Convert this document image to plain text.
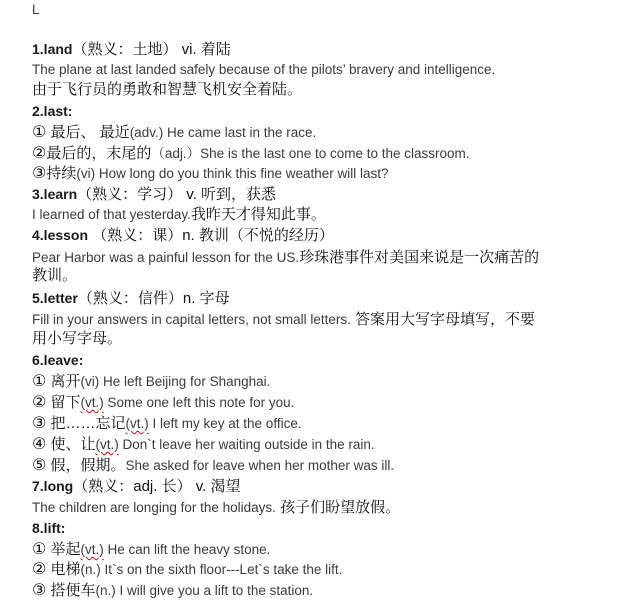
L
1.land（熟义：土地） vi. 着陆
The plane at last landed safely because of the pilots’ bravery and intelligence.
由于飞行员的勇敢和智慧飞机安全着陆。
2.last:
① 最后、 最近(adv.) He came last in the race.
②最后的，末尾的（adj.）She is the last one to come to the classroom.
③持续(vi) How long do you think this fine weather will last?
3.learn（熟义：学习） v. 听到，获悉
I learned of that yesterday.我昨天才得知此事。
4.lesson （熟义：课）n. 教训（不悦的经历）
Pear Harbor was a painful lesson for the US.珍珠港事件对美国来说是一次痛苦的
教训。
5.letter（熟义：信件）n. 字母
Fill in your answers in capital letters, not small letters. 答案用大写字母填写，不要
用小写字母。
6.leave:
① 离开(vi) He left Beijing for Shanghai.
② 留下(vt.) Some one left this note for you.
③ 把……忘记(vt.) I left my key at the office.
④ 使、让(vt.) Don`t leave her waiting outside in the rain.
⑤ 假，假期。She asked for leave when her mother was ill.
7.long（熟义：adj. 长） v. 渴望
The children are longing for the holidays. 孩子们盼望放假。
8.lift:
① 举起(vt.) He can lift the heavy stone.
② 电梯(n.) It`s on the sixth floor---Let`s take the lift.
③ 搭便车(n.) I will give you a lift to the station.
